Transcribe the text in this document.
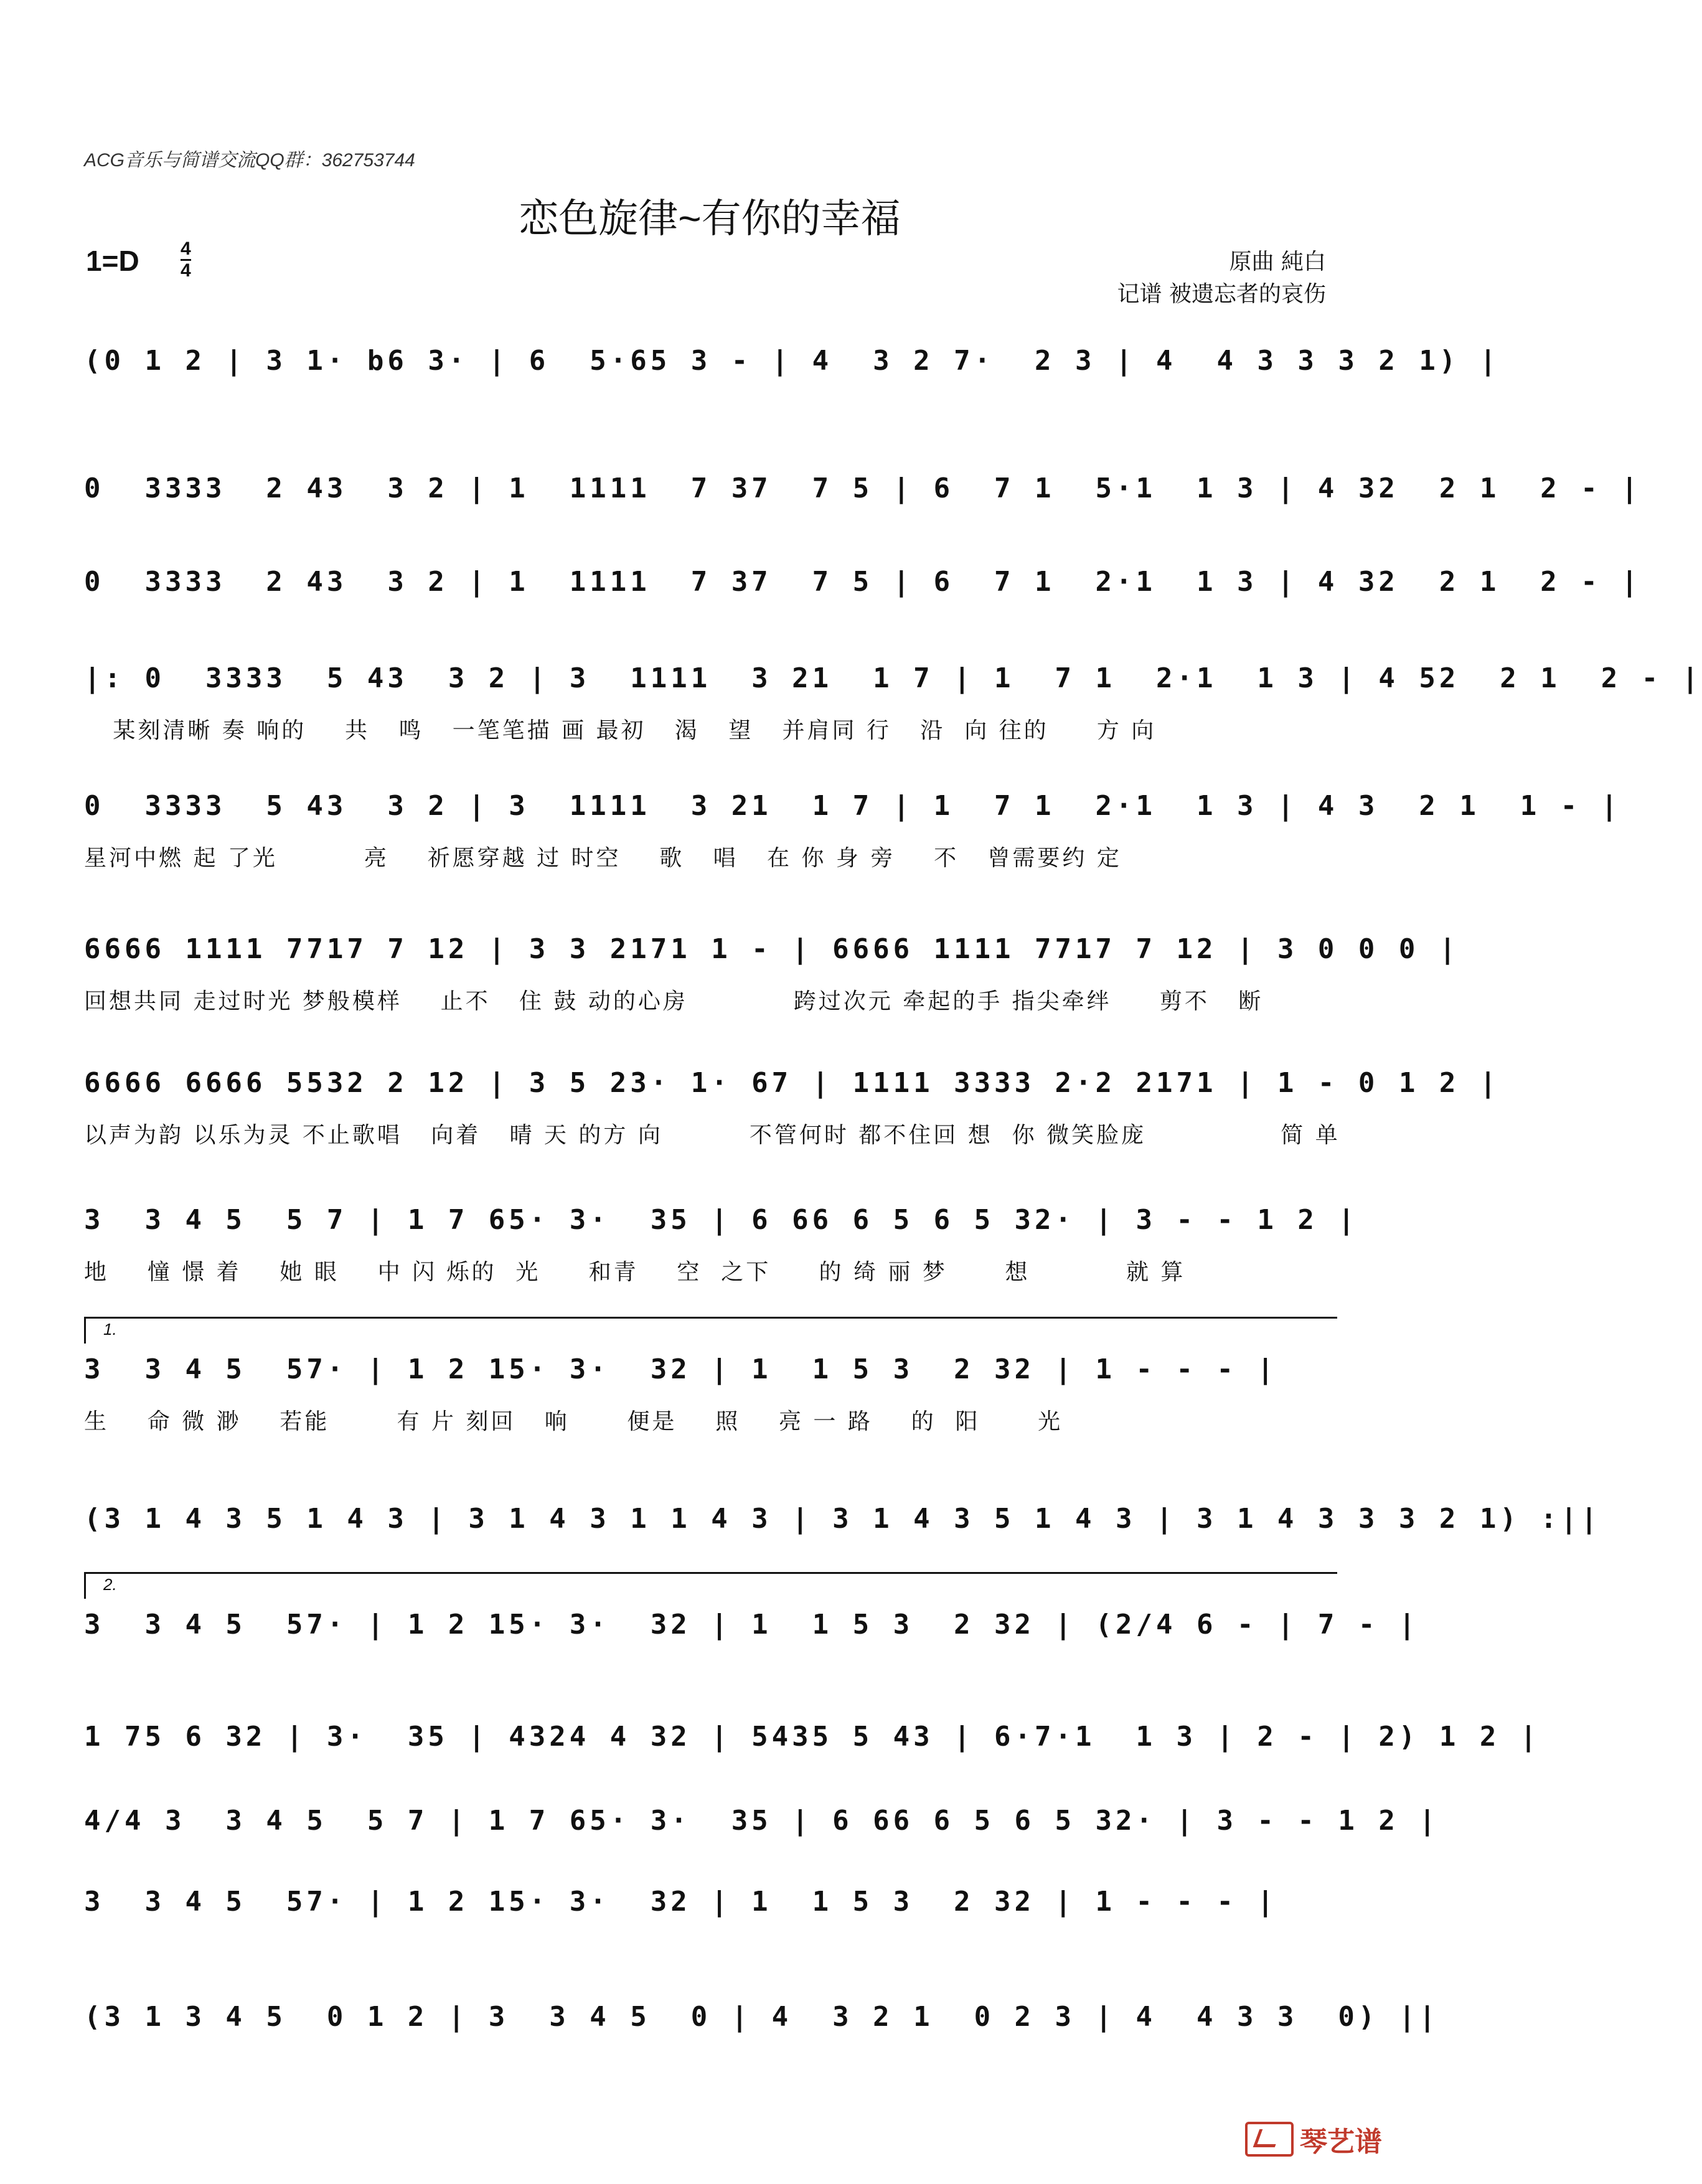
ACG音乐与简谱交流QQ群：362753744
恋色旋律~有你的幸福
1=D 4
4	原曲 純白
记谱 被遗忘者的哀伤
(0 1 2 | 3 1· b6 3· | 6  5·65 3 - | 4  3 2 7·  2 3 | 4  4 3 3 3 2 1) |
0  3333  2 43  3 2 | 1  1111  7 37  7 5 | 6  7 1  5·1  1 3 | 4 32  2 1  2 - |
0  3333  2 43  3 2 | 1  1111  7 37  7 5 | 6  7 1  2·1  1 3 | 4 32  2 1  2 - |
|: 0  3333  5 43  3 2 | 3  1111  3 21  1 7 | 1  7 1  2·1  1 3 | 4 52  2 1  2 - |
某刻清晰 奏 响的    共   鸣   一笔笔描 画 最初   渴   望   并肩同 行   沿  向 往的     方 向
0  3333  5 43  3 2 | 3  1111  3 21  1 7 | 1  7 1  2·1  1 3 | 4 3  2 1  1 - |
星河中燃 起 了光         亮    祈愿穿越 过 时空    歌   唱   在 你 身 旁    不   曾需要约 定
6666 1111 7717 7 12 | 3 3 2171 1 - | 6666 1111 7717 7 12 | 3 0 0 0 |
回想共同 走过时光 梦般模样    止不   住 鼓 动的心房           跨过次元 牵起的手 指尖牵绊     剪不   断
6666 6666 5532 2 12 | 3 5 23· 1· 67 | 1111 3333 2·2 2171 | 1 - 0 1 2 |
以声为韵 以乐为灵 不止歌唱   向着   晴 天 的方 向         不管何时 都不住回 想  你 微笑脸庞              简 单
3  3 4 5  5 7 | 1 7 65· 3·  35 | 6 66 6 5 6 5 32· | 3 - - 1 2 |
地    憧 憬 着    她 眼    中 闪 烁的  光     和青    空  之下     的 绮 丽 梦      想          就 算
1.
3  3 4 5  57· | 1 2 15· 3·  32 | 1  1 5 3  2 32 | 1 - - - |
生    命 微 渺    若能       有 片 刻回   响      便是    照    亮 一 路    的  阳      光
(3 1 4 3 5 1 4 3 | 3 1 4 3 1 1 4 3 | 3 1 4 3 5 1 4 3 | 3 1 4 3 3 3 2 1) :||
2.
3  3 4 5  57· | 1 2 15· 3·  32 | 1  1 5 3  2 32 | (2/4 6 - | 7 - |
1 75 6 32 | 3·  35 | 4324 4 32 | 5435 5 43 | 6·7·1  1 3 | 2 - | 2) 1 2 |
4/4 3  3 4 5  5 7 | 1 7 65· 3·  35 | 6 66 6 5 6 5 32· | 3 - - 1 2 |
3  3 4 5  57· | 1 2 15· 3·  32 | 1  1 5 3  2 32 | 1 - - - |
(3 1 3 4 5  0 1 2 | 3  3 4 5  0 | 4  3 2 1  0 2 3 | 4  4 3 3  0) ||
琴艺谱
